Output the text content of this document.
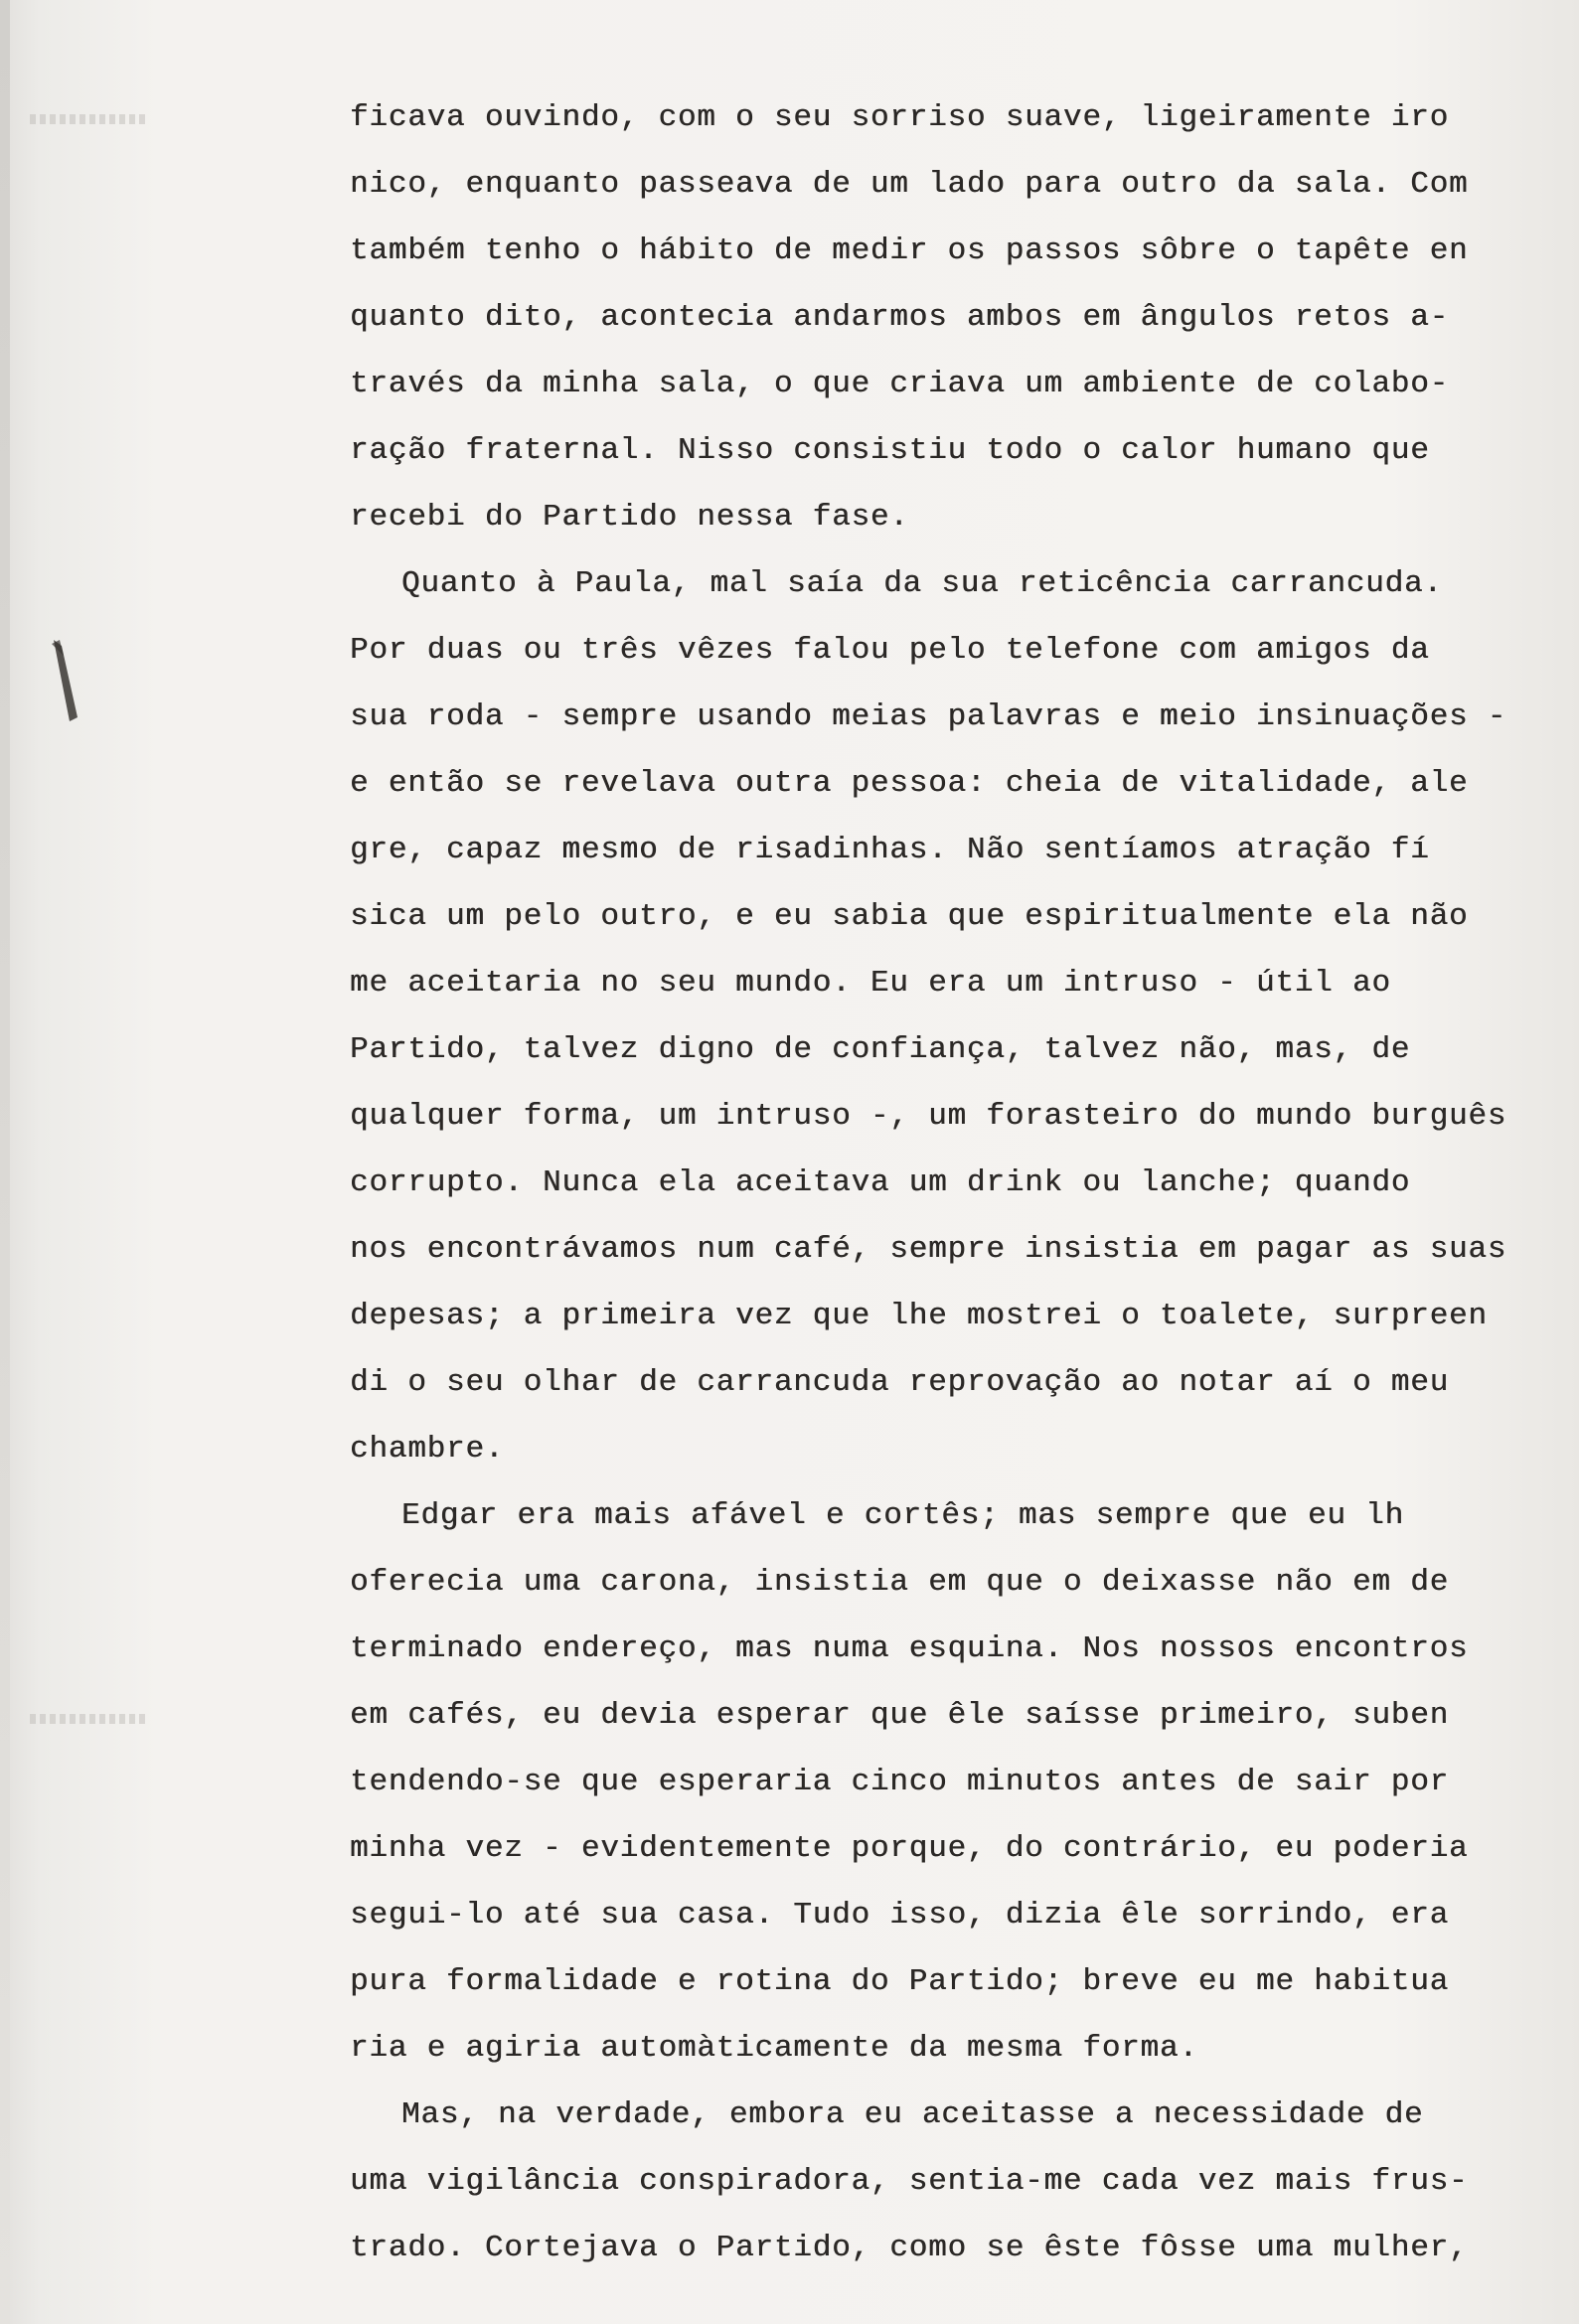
ficava ouvindo, com o seu sorriso suave, ligeiramente iro
nico, enquanto passeava de um lado para outro da sala. Com
também tenho o hábito de medir os passos sôbre o tapête en
quanto dito, acontecia andarmos ambos em ângulos retos a-
través da minha sala, o que criava um ambiente de colabo-
ração fraternal. Nisso consistiu todo o calor humano que
recebi do Partido nessa fase.
Quanto à Paula, mal saía da sua reticência carrancuda.
Por duas ou três vêzes falou pelo telefone com amigos da
sua roda - sempre usando meias palavras e meio insinuações -
e então se revelava outra pessoa: cheia de vitalidade, ale
gre, capaz mesmo de risadinhas. Não sentíamos atração fí
sica um pelo outro, e eu sabia que espiritualmente ela não
me aceitaria no seu mundo. Eu era um intruso - útil ao
Partido, talvez digno de confiança, talvez não, mas, de
qualquer forma, um intruso -, um forasteiro do mundo burguês
corrupto. Nunca ela aceitava um drink ou lanche; quando
nos encontrávamos num café, sempre insistia em pagar as suas
depesas; a primeira vez que lhe mostrei o toalete, surpreen
di o seu olhar de carrancuda reprovação ao notar aí o meu
chambre.
Edgar era mais afável e cortês; mas sempre que eu lh
oferecia uma carona, insistia em que o deixasse não em de
terminado endereço, mas numa esquina. Nos nossos encontros
em cafés, eu devia esperar que êle saísse primeiro, suben
tendendo-se que esperaria cinco minutos antes de sair por
minha vez - evidentemente porque, do contrário, eu poderia
segui-lo até sua casa. Tudo isso, dizia êle sorrindo, era
pura formalidade e rotina do Partido; breve eu me habitua
ria e agiria automàticamente da mesma forma.
Mas, na verdade, embora eu aceitasse a necessidade de
uma vigilância conspiradora, sentia-me cada vez mais frus-
trado. Cortejava o Partido, como se êste fôsse uma mulher,
